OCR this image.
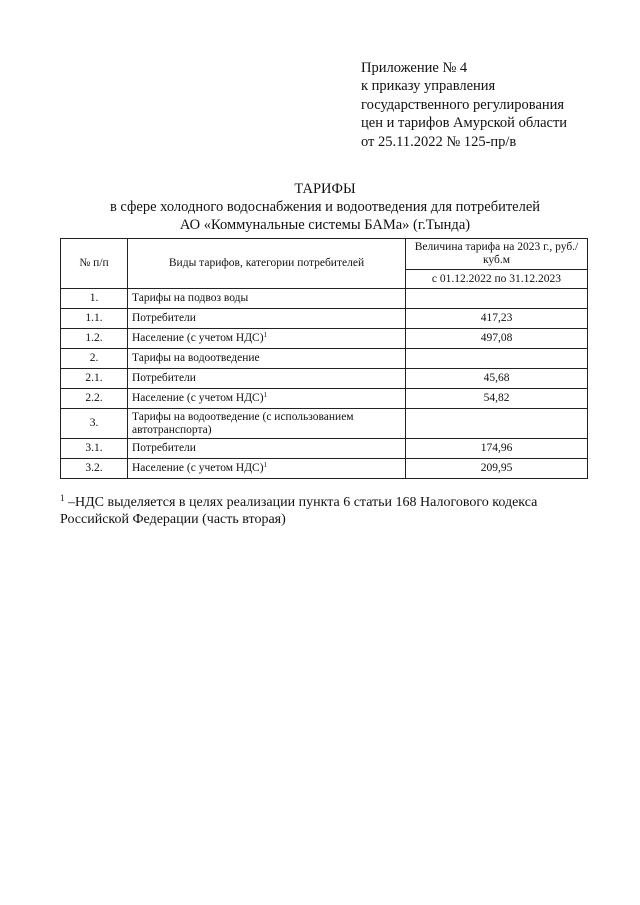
Приложение № 4
к приказу управления
государственного регулирования
цен и тарифов Амурской области
от 25.11.2022 № 125-пр/в
ТАРИФЫ
в сфере холодного водоснабжения и водоотведения для потребителей
АО «Коммунальные системы БАМа» (г.Тында)
№ п/п	Виды тарифов, категории потребителей	Величина тарифа на 2023 г., руб./куб.м
		с 01.12.2022 по 31.12.2023
1.	Тарифы на подвоз воды	
1.1.	Потребители	417,23
1.2.	Население (с учетом НДС)$^1$	497,08
2.	Тарифы на водоотведение	
2.1.	Потребители	45,68
2.2.	Население (с учетом НДС)$^1$	54,82
3.	Тарифы на водоотведение (с использованием автотранспорта)	
3.1.	Потребители	174,96
3.2.	Население (с учетом НДС)$^1$	209,95
$^1$ –НДС выделяется в целях реализации пункта 6 статьи 168 Налогового кодекса Российской Федерации (часть вторая)
